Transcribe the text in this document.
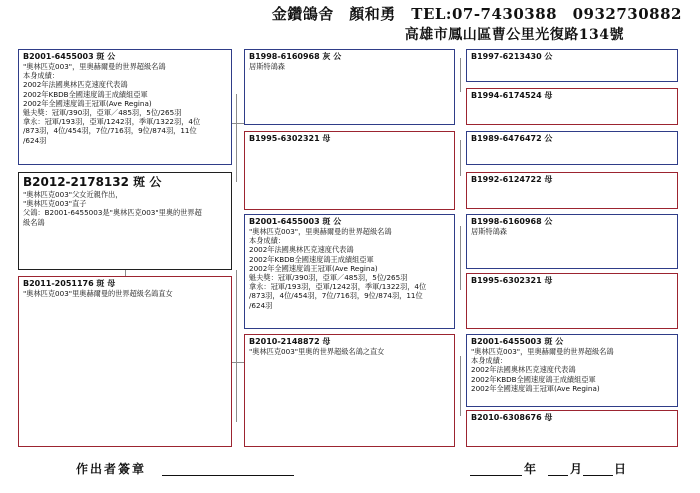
金鑽鴿舍　顏和勇　TEL:07-7430388　0932730882
高雄市鳳山區曹公里光復路134號
B2001-6455003 斑 公
"奧林匹克003"，里奧赫爾曼的世界超級名鴿
本身成績：
2002年法國奧林匹克速度代表鴿
2002年KBDB全國速度鴿王成績組亞軍
2002年全國速度鴿王冠軍(Ave Regina)
魁夫獎：冠軍/390羽，亞軍／485羽，5位/265羽
拿永：冠軍/193羽，亞軍/1242羽，季軍/1322羽，4位
/873羽，4位/454羽，7位/716羽，9位/874羽，11位
/624羽
B2012-2178132 斑 公
"奧林匹克003"父女近親作出，
"奧林匹克003"直子
父鴿：B2001-6455003是"奧林匹克003"里奧的世界超
級名鴿
B2011-2051176 斑 母
"奧林匹克003"里奧赫爾曼的世界超級名鴿直女
B1998-6160968 灰 公
居斯特鴿森
B1995-6302321 母
B2001-6455003 斑 公
"奧林匹克003"，里奧赫爾曼的世界超級名鴿
本身成績：
2002年法國奧林匹克速度代表鴿
2002年KBDB全國速度鴿王成績組亞軍
2002年全國速度鴿王冠軍(Ave Regina)
魁夫獎：冠軍/390羽，亞軍／485羽，5位/265羽
拿永：冠軍/193羽，亞軍/1242羽，季軍/1322羽，4位
/873羽，4位/454羽，7位/716羽，9位/874羽，11位
/624羽
B2010-2148872 母
"奧林匹克003"里奧的世界超級名鴿之直女
B1997-6213430 公
B1994-6174524 母
B1989-6476472 公
B1992-6124722 母
B1998-6160968 公
居斯特鴿森
B1995-6302321 母
B2001-6455003 斑 公
"奧林匹克003"，里奧赫爾曼的世界超級名鴿
本身成績：
2002年法國奧林匹克速度代表鴿
2002年KBDB全國速度鴿王成績組亞軍
2002年全國速度鴿王冠軍(Ave Regina)
B2010-6308676 母
作出者簽章	年	月	日
